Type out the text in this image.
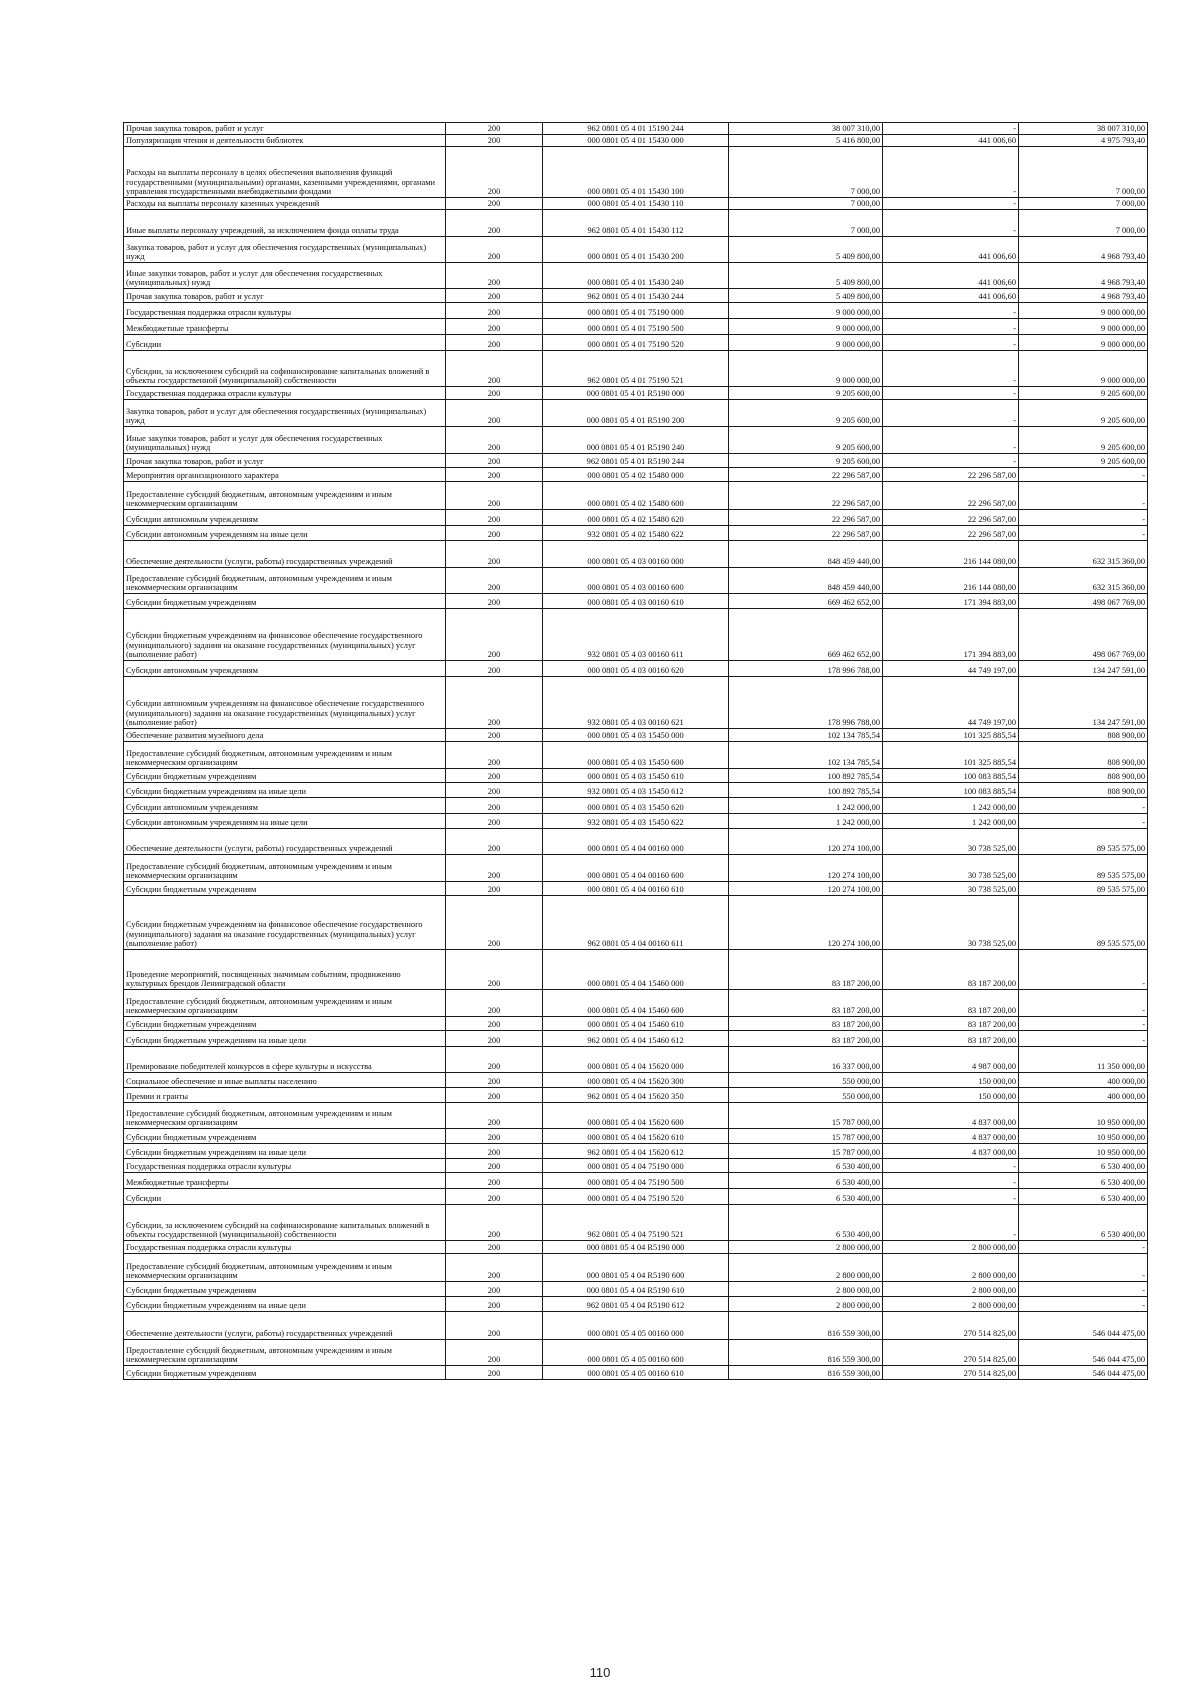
Прочая закупка товаров, работ и услуг	200	962 0801 05 4 01 15190 244	38 007 310,00	-	38 007 310,00
Популяризация чтения и деятельности библиотек	200	000 0801 05 4 01 15430 000	5 416 800,00	441 006,60	4 975 793,40
Расходы на выплаты персоналу в целях обеспечения выполнения функций государственными (муниципальными) органами, казенными учреждениями, органами управления государственными внебюджетными фондами	200	000 0801 05 4 01 15430 100	7 000,00	-	7 000,00
Расходы на выплаты персоналу казенных учреждений	200	000 0801 05 4 01 15430 110	7 000,00	-	7 000,00
Иные выплаты персоналу учреждений, за исключением фонда оплаты труда	200	962 0801 05 4 01 15430 112	7 000,00	-	7 000,00
Закупка товаров, работ и услуг для обеспечения государственных (муниципальных) нужд	200	000 0801 05 4 01 15430 200	5 409 800,00	441 006,60	4 968 793,40
Иные закупки товаров, работ и услуг для обеспечения государственных (муниципальных) нужд	200	000 0801 05 4 01 15430 240	5 409 800,00	441 006,60	4 968 793,40
Прочая закупка товаров, работ и услуг	200	962 0801 05 4 01 15430 244	5 409 800,00	441 006,60	4 968 793,40
Государственная поддержка отрасли культуры	200	000 0801 05 4 01 75190 000	9 000 000,00	-	9 000 000,00
Межбюджетные трансферты	200	000 0801 05 4 01 75190 500	9 000 000,00	-	9 000 000,00
Субсидии	200	000 0801 05 4 01 75190 520	9 000 000,00	-	9 000 000,00
Субсидии, за исключением субсидий на софинансирование капитальных вложений в объекты государственной (муниципальной) собственности	200	962 0801 05 4 01 75190 521	9 000 000,00	-	9 000 000,00
Государственная поддержка отрасли культуры	200	000 0801 05 4 01 R5190 000	9 205 600,00	-	9 205 600,00
Закупка товаров, работ и услуг для обеспечения государственных (муниципальных) нужд	200	000 0801 05 4 01 R5190 200	9 205 600,00	-	9 205 600,00
Иные закупки товаров, работ и услуг для обеспечения государственных (муниципальных) нужд	200	000 0801 05 4 01 R5190 240	9 205 600,00	-	9 205 600,00
Прочая закупка товаров, работ и услуг	200	962 0801 05 4 01 R5190 244	9 205 600,00	-	9 205 600,00
Мероприятия организационного характера	200	000 0801 05 4 02 15480 000	22 296 587,00	22 296 587,00	-
Предоставление субсидий бюджетным, автономным учреждениям и иным некоммерческим организациям	200	000 0801 05 4 02 15480 600	22 296 587,00	22 296 587,00	-
Субсидии автономным учреждениям	200	000 0801 05 4 02 15480 620	22 296 587,00	22 296 587,00	-
Субсидии автономным учреждениям на иные цели	200	932 0801 05 4 02 15480 622	22 296 587,00	22 296 587,00	-
Обеспечение деятельности (услуги, работы) государственных учреждений	200	000 0801 05 4 03 00160 000	848 459 440,00	216 144 080,00	632 315 360,00
Предоставление субсидий бюджетным, автономным учреждениям и иным некоммерческим организациям	200	000 0801 05 4 03 00160 600	848 459 440,00	216 144 080,00	632 315 360,00
Субсидии бюджетным учреждениям	200	000 0801 05 4 03 00160 610	669 462 652,00	171 394 883,00	498 067 769,00
Субсидии бюджетным учреждениям на финансовое обеспечение государственного (муниципального) задания на оказание государственных (муниципальных) услуг (выполнение работ)	200	932 0801 05 4 03 00160 611	669 462 652,00	171 394 883,00	498 067 769,00
Субсидии автономным учреждениям	200	000 0801 05 4 03 00160 620	178 996 788,00	44 749 197,00	134 247 591,00
Субсидии автономным учреждениям на финансовое обеспечение государственного (муниципального) задания на оказание государственных (муниципальных) услуг (выполнение работ)	200	932 0801 05 4 03 00160 621	178 996 788,00	44 749 197,00	134 247 591,00
Обеспечение развития музейного дела	200	000 0801 05 4 03 15450 000	102 134 785,54	101 325 885,54	808 900,00
Предоставление субсидий бюджетным, автономным учреждениям и иным некоммерческим организациям	200	000 0801 05 4 03 15450 600	102 134 785,54	101 325 885,54	808 900,00
Субсидии бюджетным учреждениям	200	000 0801 05 4 03 15450 610	100 892 785,54	100 083 885,54	808 900,00
Субсидии бюджетным учреждениям на иные цели	200	932 0801 05 4 03 15450 612	100 892 785,54	100 083 885,54	808 900,00
Субсидии автономным учреждениям	200	000 0801 05 4 03 15450 620	1 242 000,00	1 242 000,00	-
Субсидии автономным учреждениям на иные цели	200	932 0801 05 4 03 15450 622	1 242 000,00	1 242 000,00	-
Обеспечение деятельности (услуги, работы) государственных учреждений	200	000 0801 05 4 04 00160 000	120 274 100,00	30 738 525,00	89 535 575,00
Предоставление субсидий бюджетным, автономным учреждениям и иным некоммерческим организациям	200	000 0801 05 4 04 00160 600	120 274 100,00	30 738 525,00	89 535 575,00
Субсидии бюджетным учреждениям	200	000 0801 05 4 04 00160 610	120 274 100,00	30 738 525,00	89 535 575,00
Субсидии бюджетным учреждениям на финансовое обеспечение государственного (муниципального) задания на оказание государственных (муниципальных) услуг (выполнение работ)	200	962 0801 05 4 04 00160 611	120 274 100,00	30 738 525,00	89 535 575,00
Проведение мероприятий, посвященных значимым событиям, продвижению культурных брендов Ленинградской области	200	000 0801 05 4 04 15460 000	83 187 200,00	83 187 200,00	-
Предоставление субсидий бюджетным, автономным учреждениям и иным некоммерческим организациям	200	000 0801 05 4 04 15460 600	83 187 200,00	83 187 200,00	-
Субсидии бюджетным учреждениям	200	000 0801 05 4 04 15460 610	83 187 200,00	83 187 200,00	-
Субсидии бюджетным учреждениям на иные цели	200	962 0801 05 4 04 15460 612	83 187 200,00	83 187 200,00	-
Премирование победителей конкурсов в сфере культуры и искусства	200	000 0801 05 4 04 15620 000	16 337 000,00	4 987 000,00	11 350 000,00
Социальное обеспечение и иные выплаты населению	200	000 0801 05 4 04 15620 300	550 000,00	150 000,00	400 000,00
Премии и гранты	200	962 0801 05 4 04 15620 350	550 000,00	150 000,00	400 000,00
Предоставление субсидий бюджетным, автономным учреждениям и иным некоммерческим организациям	200	000 0801 05 4 04 15620 600	15 787 000,00	4 837 000,00	10 950 000,00
Субсидии бюджетным учреждениям	200	000 0801 05 4 04 15620 610	15 787 000,00	4 837 000,00	10 950 000,00
Субсидии бюджетным учреждениям на иные цели	200	962 0801 05 4 04 15620 612	15 787 000,00	4 837 000,00	10 950 000,00
Государственная поддержка отрасли культуры	200	000 0801 05 4 04 75190 000	6 530 400,00	-	6 530 400,00
Межбюджетные трансферты	200	000 0801 05 4 04 75190 500	6 530 400,00	-	6 530 400,00
Субсидии	200	000 0801 05 4 04 75190 520	6 530 400,00	-	6 530 400,00
Субсидии, за исключением субсидий на софинансирование капитальных вложений в объекты государственной (муниципальной) собственности	200	962 0801 05 4 04 75190 521	6 530 400,00	-	6 530 400,00
Государственная поддержка отрасли культуры	200	000 0801 05 4 04 R5190 000	2 800 000,00	2 800 000,00	-
Предоставление субсидий бюджетным, автономным учреждениям и иным некоммерческим организациям	200	000 0801 05 4 04 R5190 600	2 800 000,00	2 800 000,00	-
Субсидии бюджетным учреждениям	200	000 0801 05 4 04 R5190 610	2 800 000,00	2 800 000,00	-
Субсидии бюджетным учреждениям на иные цели	200	962 0801 05 4 04 R5190 612	2 800 000,00	2 800 000,00	-
Обеспечение деятельности (услуги, работы) государственных учреждений	200	000 0801 05 4 05 00160 000	816 559 300,00	270 514 825,00	546 044 475,00
Предоставление субсидий бюджетным, автономным учреждениям и иным некоммерческим организациям	200	000 0801 05 4 05 00160 600	816 559 300,00	270 514 825,00	546 044 475,00
Субсидии бюджетным учреждениям	200	000 0801 05 4 05 00160 610	816 559 300,00	270 514 825,00	546 044 475,00
110
